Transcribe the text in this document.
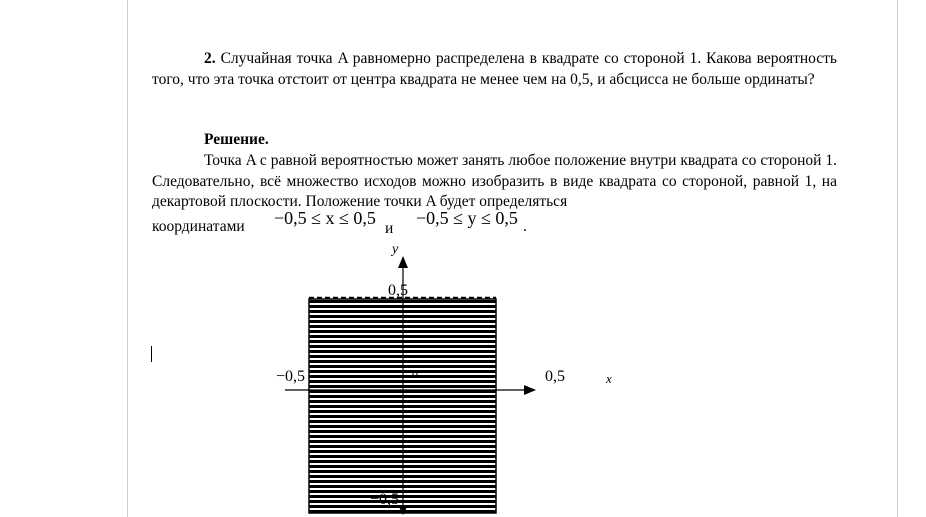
2. Случайная точка A равномерно распределена в квадрате со стороной 1. Какова вероятность того, что эта точка отстоит от центра квадрата не менее чем на 0,5, и абсцисса не больше ординаты?
Решение.
Точка A с равной вероятностью может занять любое положение внутри квадрата со стороной 1. Следовательно, всё множество исходов можно изобразить в виде квадрата со стороной, равной 1, на декартовой плоскости. Положение точки A будет определяться
координатами −0,5 ≤ x ≤ 0,5
и
−0,5 ≤ y ≤ 0,5 .
y
0,5
−0,5	0	0,5	x
−0,5
